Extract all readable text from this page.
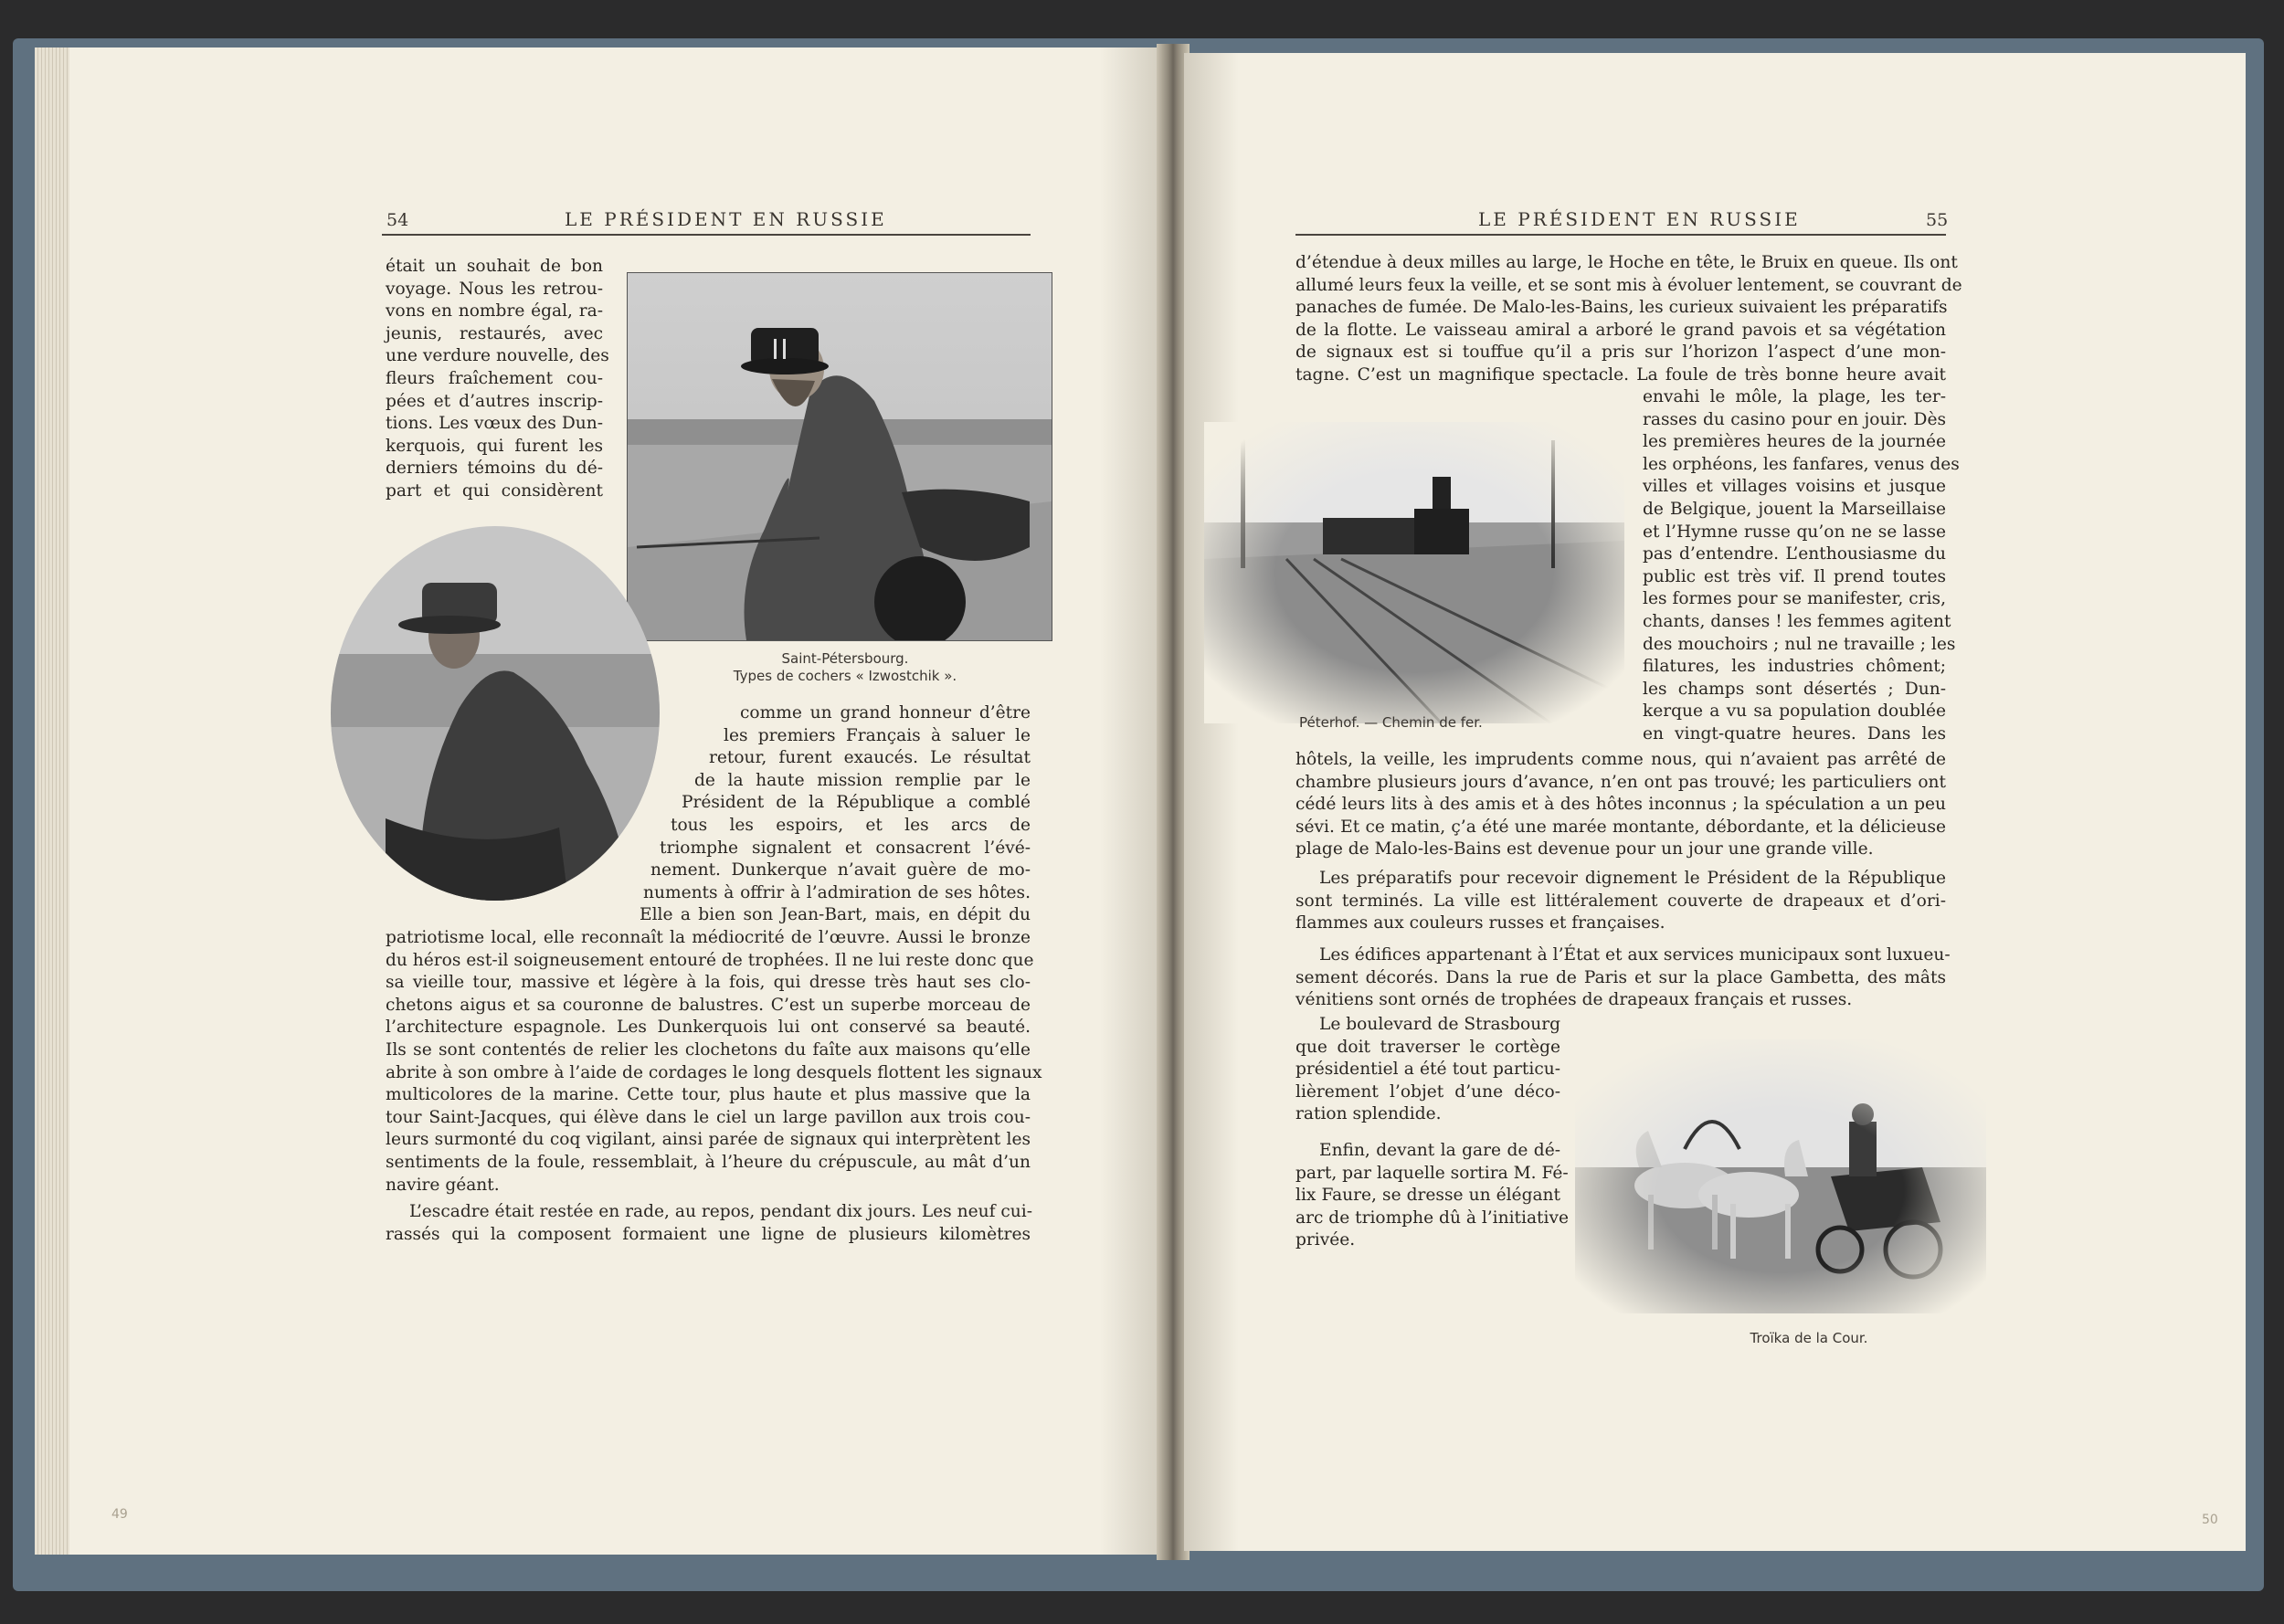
54	LE PRÉSIDENT EN RUSSIE
était un souhait de bon
voyage. Nous les retrou-
vons en nombre égal, ra-
jeunis, restaurés, avec
une verdure nouvelle, des
fleurs fraîchement cou-
pées et d’autres inscrip-
tions. Les vœux des Dun-
kerquois, qui furent les
derniers témoins du dé-
part et qui considèrent
Saint-Pétersbourg.
Types de cochers « Izwostchik ».
comme un grand honneur d’être
les premiers Français à saluer le
retour, furent exaucés. Le résultat
de la haute mission remplie par le
Président de la République a comblé
tous les espoirs, et les arcs de
triomphe signalent et consacrent l’évé-
nement. Dunkerque n’avait guère de mo-
numents à offrir à l’admiration de ses hôtes.
Elle a bien son Jean-Bart, mais, en dépit du
patriotisme local, elle reconnaît la médiocrité de l’œuvre. Aussi le bronze
du héros est-il soigneusement entouré de trophées. Il ne lui reste donc que
sa vieille tour, massive et légère à la fois, qui dresse très haut ses clo-
chetons aigus et sa couronne de balustres. C’est un superbe morceau de
l’architecture espagnole. Les Dunkerquois lui ont conservé sa beauté.
Ils se sont contentés de relier les clochetons du faîte aux maisons qu’elle
abrite à son ombre à l’aide de cordages le long desquels flottent les signaux
multicolores de la marine. Cette tour, plus haute et plus massive que la
tour Saint-Jacques, qui élève dans le ciel un large pavillon aux trois cou-
leurs surmonté du coq vigilant, ainsi parée de signaux qui interprètent les
sentiments de la foule, ressemblait, à l’heure du crépuscule, au mât d’un
navire géant.
L’escadre était restée en rade, au repos, pendant dix jours. Les neuf cui-
rassés qui la composent formaient une ligne de plusieurs kilomètres
49
LE PRÉSIDENT EN RUSSIE	55
d’étendue à deux milles au large, le Hoche en tête, le Bruix en queue. Ils ont
allumé leurs feux la veille, et se sont mis à évoluer lentement, se couvrant de
panaches de fumée. De Malo-les-Bains, les curieux suivaient les préparatifs
de la flotte. Le vaisseau amiral a arboré le grand pavois et sa végétation
de signaux est si touffue qu’il a pris sur l’horizon l’aspect d’une mon-
tagne. C’est un magnifique spectacle. La foule de très bonne heure avait
envahi le môle, la plage, les ter-
rasses du casino pour en jouir. Dès
les premières heures de la journée
les orphéons, les fanfares, venus des
villes et villages voisins et jusque
de Belgique, jouent la Marseillaise
et l’Hymne russe qu’on ne se lasse
pas d’entendre. L’enthousiasme du
public est très vif. Il prend toutes
les formes pour se manifester, cris,
chants, danses ! les femmes agitent
des mouchoirs ; nul ne travaille ; les
filatures, les industries chôment;
les champs sont désertés ; Dun-
kerque a vu sa population doublée
en vingt-quatre heures. Dans les
Péterhof. — Chemin de fer.
hôtels, la veille, les imprudents comme nous, qui n’avaient pas arrêté de
chambre plusieurs jours d’avance, n’en ont pas trouvé; les particuliers ont
cédé leurs lits à des amis et à des hôtes inconnus ; la spéculation a un peu
sévi. Et ce matin, ç’a été une marée montante, débordante, et la délicieuse
plage de Malo-les-Bains est devenue pour un jour une grande ville.
Les préparatifs pour recevoir dignement le Président de la République
sont terminés. La ville est littéralement couverte de drapeaux et d’ori-
flammes aux couleurs russes et françaises.
Les édifices appartenant à l’État et aux services municipaux sont luxueu-
sement décorés. Dans la rue de Paris et sur la place Gambetta, des mâts
vénitiens sont ornés de trophées de drapeaux français et russes.
Le boulevard de Strasbourg
que doit traverser le cortège
présidentiel a été tout particu-
lièrement l’objet d’une déco-
ration splendide.
Enfin, devant la gare de dé-
part, par laquelle sortira M. Fé-
lix Faure, se dresse un élégant
arc de triomphe dû à l’initiative
privée.
Troïka de la Cour.
50
